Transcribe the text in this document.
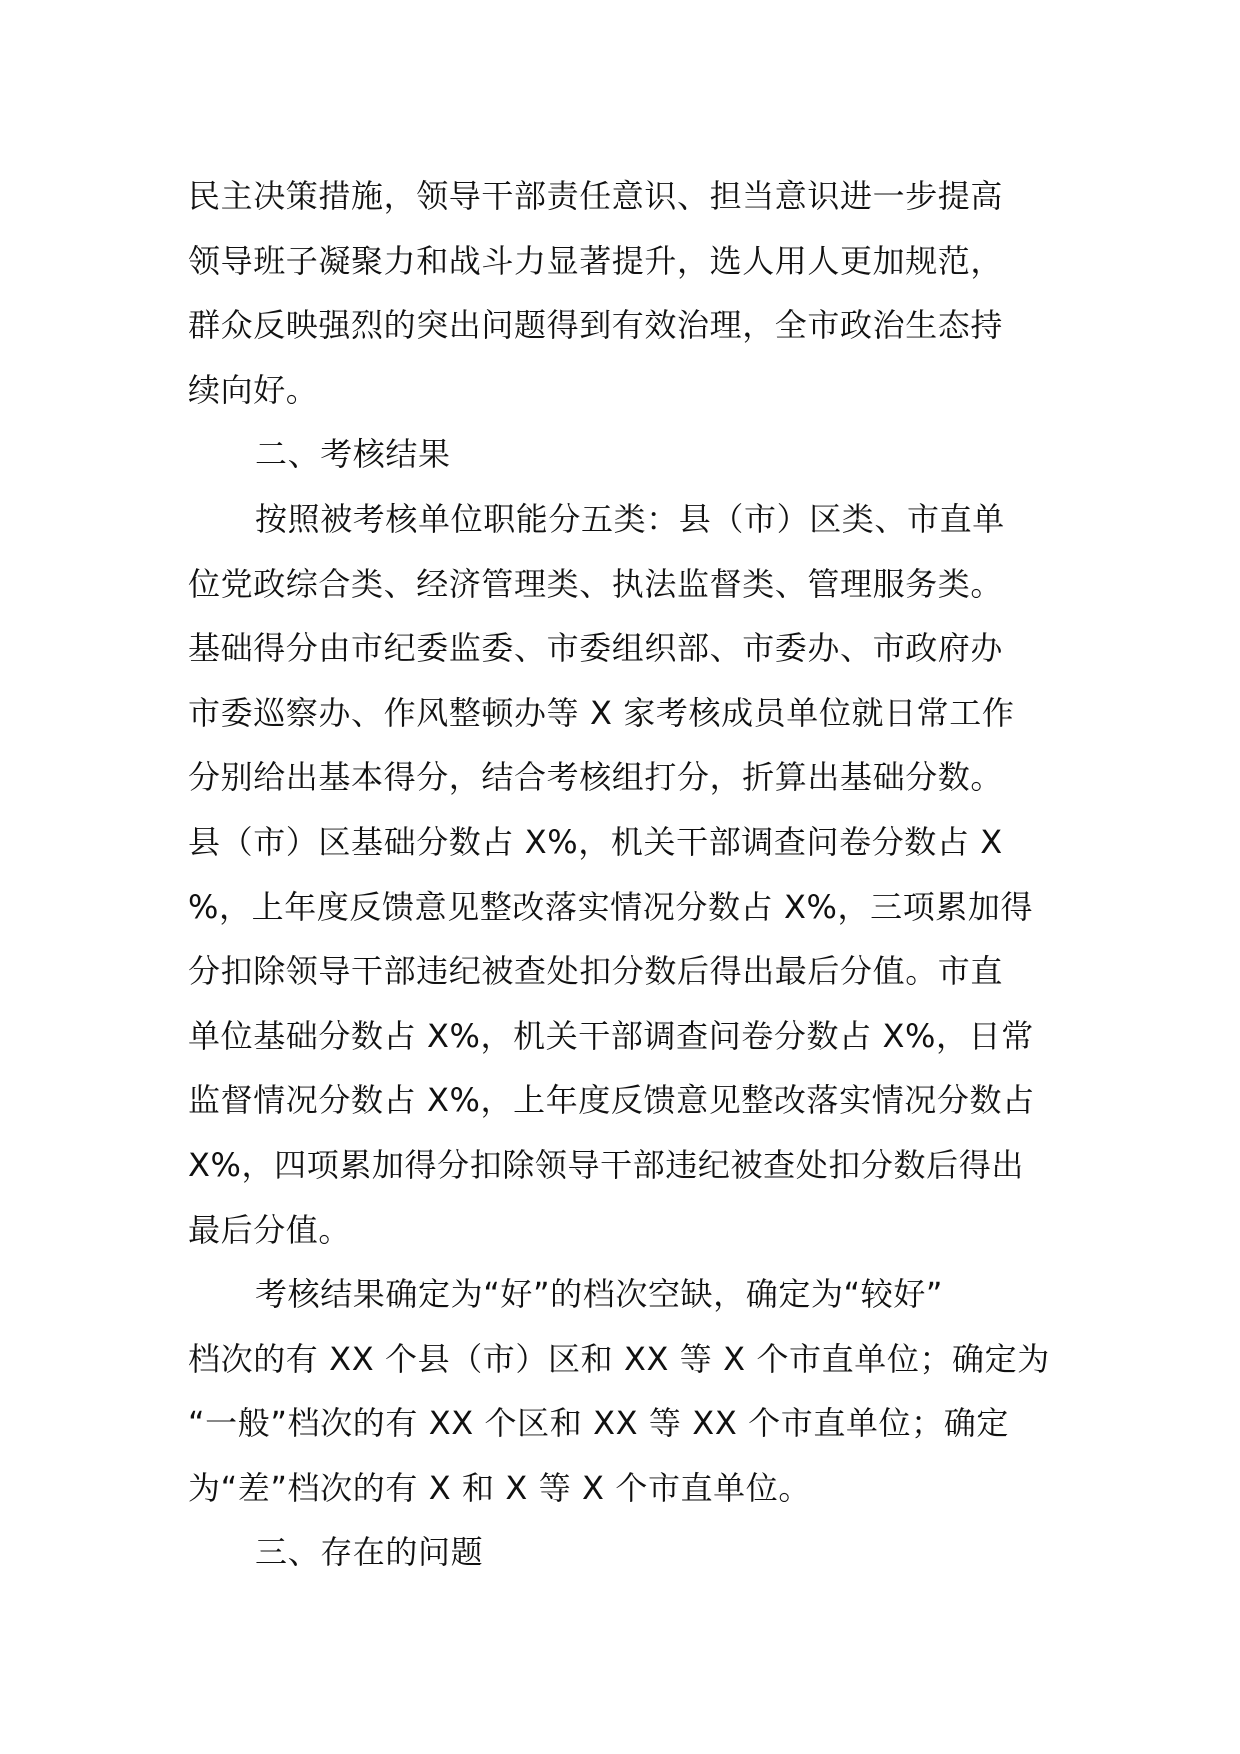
民主决策措施，领导干部责任意识、担当意识进一步提高
领导班子凝聚力和战斗力显著提升，选人用人更加规范，
群众反映强烈的突出问题得到有效治理，全市政治生态持
续向好。
二、考核结果
按照被考核单位职能分五类：县（市）区类、市直单
位党政综合类、经济管理类、执法监督类、管理服务类。
基础得分由市纪委监委、市委组织部、市委办、市政府办
市委巡察办、作风整顿办等 X 家考核成员单位就日常工作
分别给出基本得分，结合考核组打分，折算出基础分数。
县（市）区基础分数占 X%，机关干部调查问卷分数占 X
%，上年度反馈意见整改落实情况分数占 X%，三项累加得
分扣除领导干部违纪被查处扣分数后得出最后分值。市直
单位基础分数占 X%，机关干部调查问卷分数占 X%，日常
监督情况分数占 X%，上年度反馈意见整改落实情况分数占
X%，四项累加得分扣除领导干部违纪被查处扣分数后得出
最后分值。
考核结果确定为“好”的档次空缺，确定为“较好”
档次的有 XX 个县（市）区和 XX 等 X 个市直单位；确定为
“一般”档次的有 XX 个区和 XX 等 XX 个市直单位；确定
为“差”档次的有 X 和 X 等 X 个市直单位。
三、存在的问题
